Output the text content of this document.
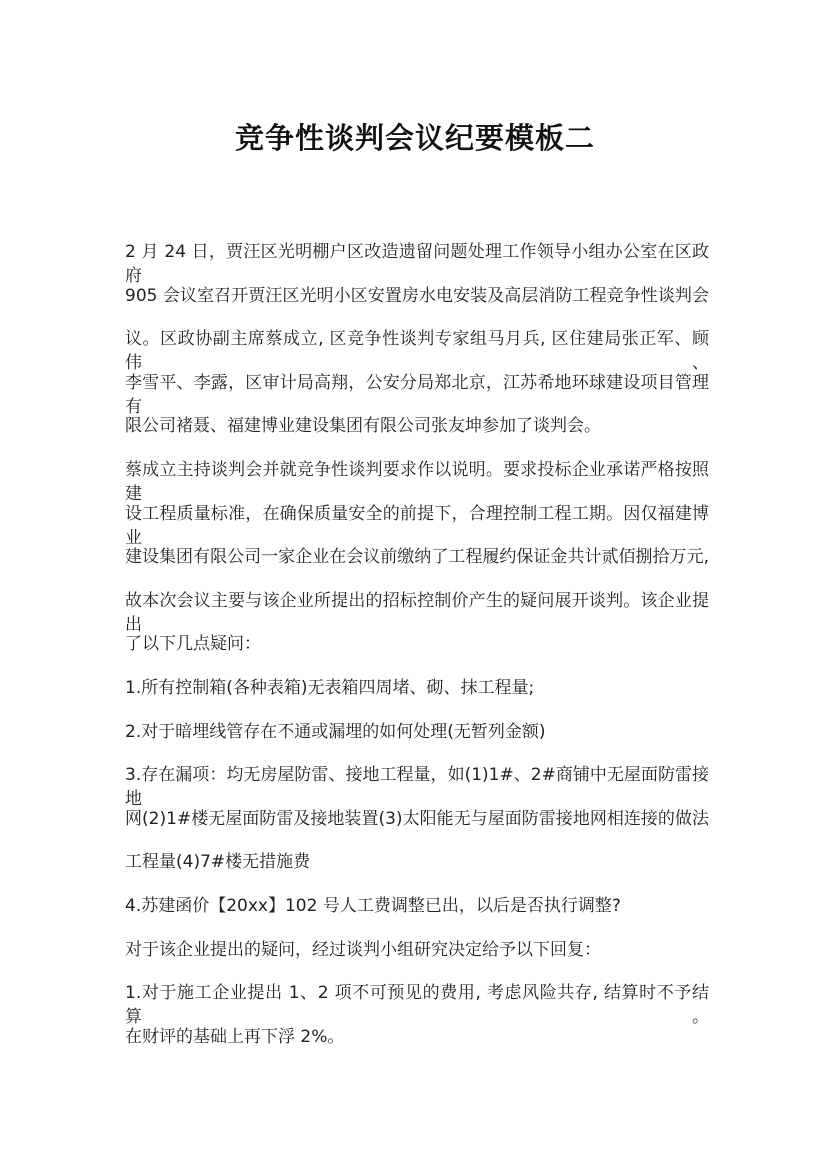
竞争性谈判会议纪要模板二
2 月 24 日，贾汪区光明棚户区改造遗留问题处理工作领导小组办公室在区政府
905 会议室召开贾汪区光明小区安置房水电安装及高层消防工程竞争性谈判会
议。区政协副主席蔡成立, 区竞争性谈判专家组马月兵, 区住建局张正军、顾伟、
李雪平、李露，区审计局高翔，公安分局郑北京，江苏希地环球建设项目管理有
限公司褚聂、福建博业建设集团有限公司张友坤参加了谈判会。
蔡成立主持谈判会并就竞争性谈判要求作以说明。要求投标企业承诺严格按照建
设工程质量标准，在确保质量安全的前提下，合理控制工程工期。因仅福建博业
建设集团有限公司一家企业在会议前缴纳了工程履约保证金共计贰佰捌拾万元,
故本次会议主要与该企业所提出的招标控制价产生的疑问展开谈判。该企业提出
了以下几点疑问：
1.所有控制箱(各种表箱)无表箱四周堵、砌、抹工程量;
2.对于暗埋线管存在不通或漏埋的如何处理(无暂列金额)
3.存在漏项：均无房屋防雷、接地工程量，如(1)1#、2#商铺中无屋面防雷接地
网(2)1#楼无屋面防雷及接地装置(3)太阳能无与屋面防雷接地网相连接的做法
工程量(4)7#楼无措施费
4.苏建函价【20xx】102 号人工费调整已出，以后是否执行调整?
对于该企业提出的疑问，经过谈判小组研究决定给予以下回复：
1.对于施工企业提出 1、2 项不可预见的费用, 考虑风险共存, 结算时不予结算。
在财评的基础上再下浮 2%。
